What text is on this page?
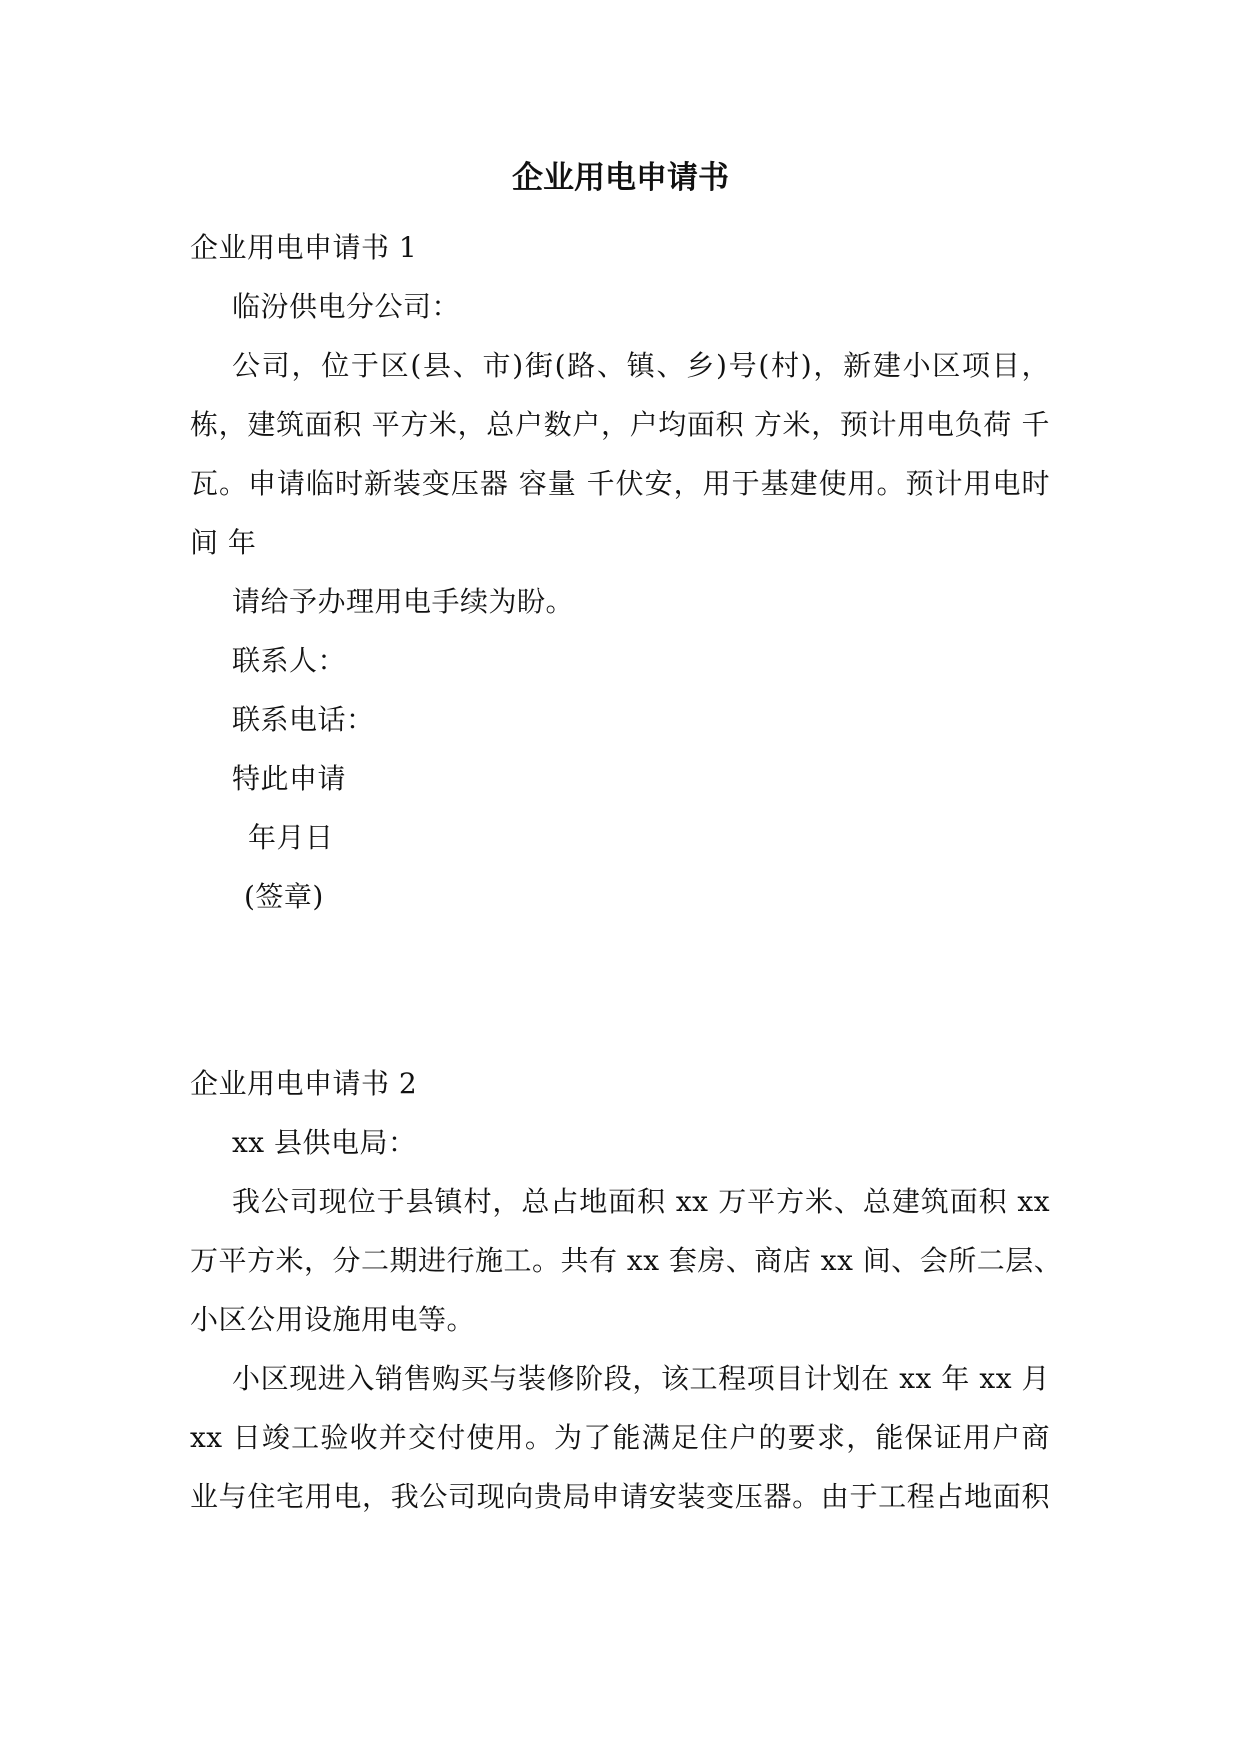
企业用电申请书
企业用电申请书 1
临汾供电分公司：
公司，位于区(县、市)街(路、镇、乡)号(村)，新建小区项目，
栋，建筑面积 平方米，总户数户，户均面积 方米，预计用电负荷 千
瓦。申请临时新装变压器 容量 千伏安，用于基建使用。预计用电时
间 年
请给予办理用电手续为盼。
联系人：
联系电话：
特此申请
年月日
(签章)
企业用电申请书 2
xx 县供电局：
我公司现位于县镇村，总占地面积 xx 万平方米、总建筑面积 xx
万平方米，分二期进行施工。共有 xx 套房、商店 xx 间、会所二层、
小区公用设施用电等。
小区现进入销售购买与装修阶段，该工程项目计划在 xx 年 xx 月
xx 日竣工验收并交付使用。为了能满足住户的要求，能保证用户商
业与住宅用电，我公司现向贵局申请安装变压器。由于工程占地面积
